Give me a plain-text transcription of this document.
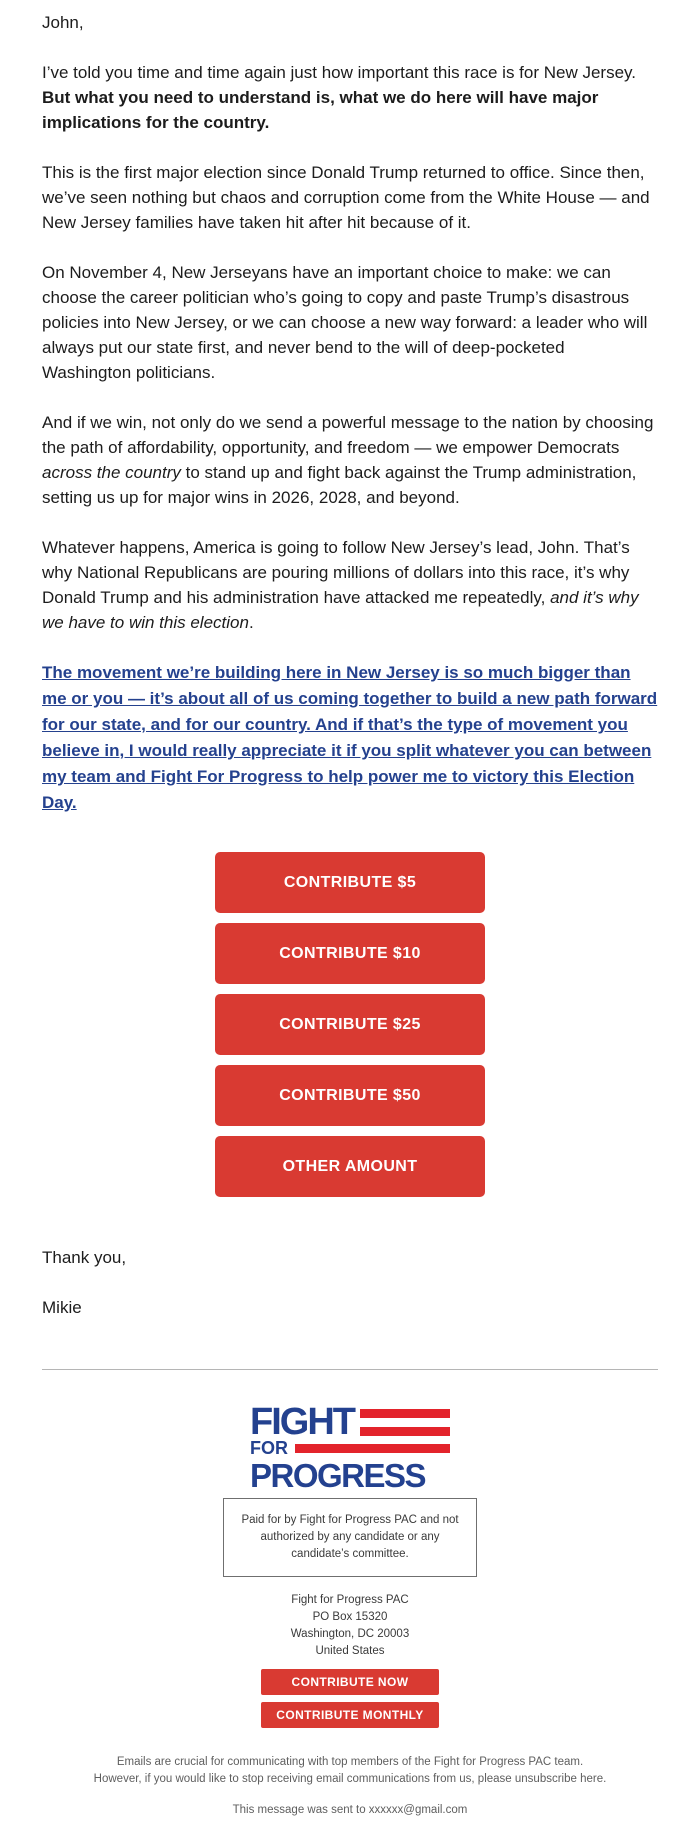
John,

I’ve told you time and time again just how important this race is for New Jersey. But what you need to understand is, what we do here will have major implications for the country.

This is the first major election since Donald Trump returned to office. Since then, we’ve seen nothing but chaos and corruption come from the White House — and New Jersey families have taken hit after hit because of it.

On November 4, New Jerseyans have an important choice to make: we can choose the career politician who’s going to copy and paste Trump’s disastrous policies into New Jersey, or we can choose a new way forward: a leader who will always put our state first, and never bend to the will of deep-pocketed Washington politicians.

And if we win, not only do we send a powerful message to the nation by choosing the path of affordability, opportunity, and freedom — we empower Democrats across the country to stand up and fight back against the Trump administration, setting us up for major wins in 2026, 2028, and beyond.

Whatever happens, America is going to follow New Jersey’s lead, John. That’s why National Republicans are pouring millions of dollars into this race, it’s why Donald Trump and his administration have attacked me repeatedly, and it’s why we have to win this election.

The movement we’re building here in New Jersey is so much bigger than me or you — it’s about all of us coming together to build a new path forward for our state, and for our country. And if that’s the type of movement you believe in, I would really appreciate it if you split whatever you can between my team and Fight For Progress to help power me to victory this Election Day.

CONTRIBUTE $5
CONTRIBUTE $10
CONTRIBUTE $25
CONTRIBUTE $50
OTHER AMOUNT

Thank you,

Mikie

FIGHT
FOR
PROGRESS
Paid for by Fight for Progress PAC and not authorized by any candidate or any candidate’s committee.
Fight for Progress PAC
PO Box 15320
Washington, DC 20003
United States
CONTRIBUTE NOW
CONTRIBUTE MONTHLY

Emails are crucial for communicating with top members of the Fight for Progress PAC team.

However, if you would like to stop receiving email communications from us, please unsubscribe here.

This message was sent to xxxxxx@gmail.com
